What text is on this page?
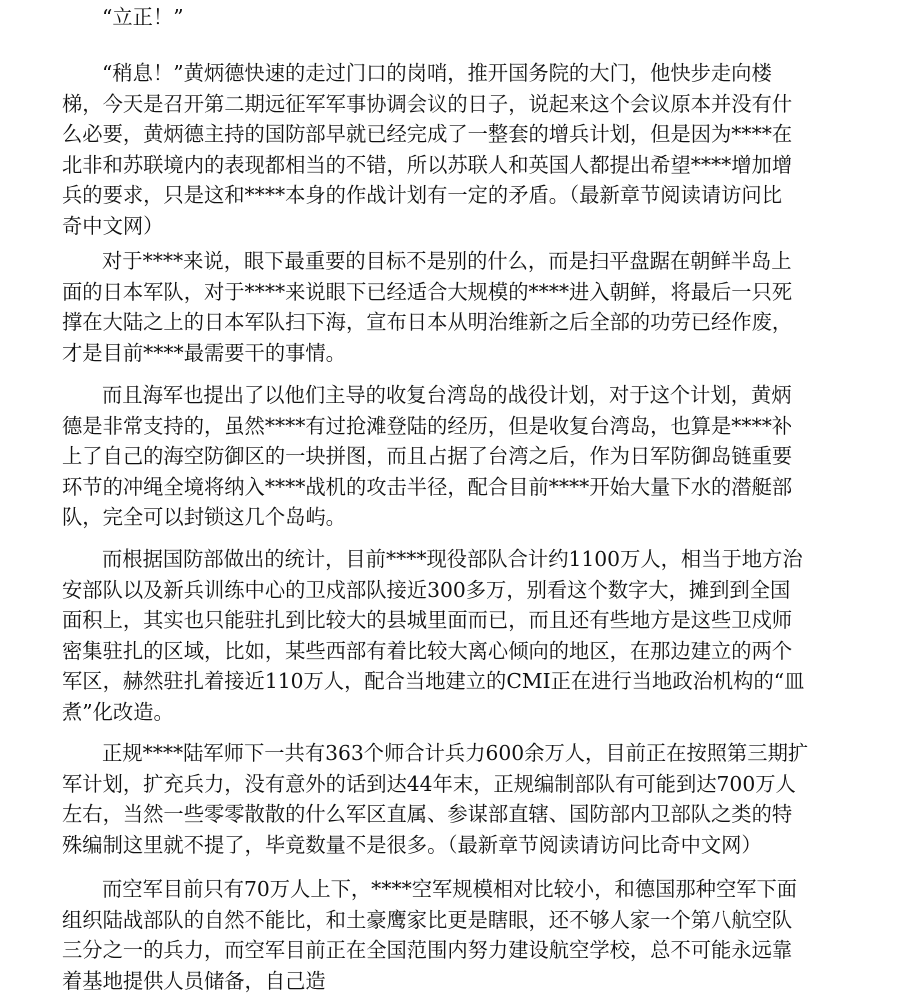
“立正！”
“稍息！”黄炳德快速的走过门口的岗哨，推开国务院的大门，他快步走向楼
梯，今天是召开第二期远征军军事协调会议的日子，说起来这个会议原本并没有什
么必要，黄炳德主持的国防部早就已经完成了一整套的增兵计划，但是因为****在
北非和苏联境内的表现都相当的不错，所以苏联人和英国人都提出希望****增加增
兵的要求，只是这和****本身的作战计划有一定的矛盾。（最新章节阅读请访问比
奇中文网）
对于****来说，眼下最重要的目标不是别的什么，而是扫平盘踞在朝鲜半岛上
面的日本军队，对于****来说眼下已经适合大规模的****进入朝鲜，将最后一只死
撑在大陆之上的日本军队扫下海，宣布日本从明治维新之后全部的功劳已经作废，
才是目前****最需要干的事情。
而且海军也提出了以他们主导的收复台湾岛的战役计划，对于这个计划，黄炳
德是非常支持的，虽然****有过抢滩登陆的经历，但是收复台湾岛，也算是****补
上了自己的海空防御区的一块拼图，而且占据了台湾之后，作为日军防御岛链重要
环节的冲绳全境将纳入****战机的攻击半径，配合目前****开始大量下水的潜艇部
队，完全可以封锁这几个岛屿。
而根据国防部做出的统计，目前****现役部队合计约1100万人，相当于地方治
安部队以及新兵训练中心的卫戍部队接近300多万，别看这个数字大，摊到到全国
面积上，其实也只能驻扎到比较大的县城里面而已，而且还有些地方是这些卫戍师
密集驻扎的区域，比如，某些西部有着比较大离心倾向的地区，在那边建立的两个
军区，赫然驻扎着接近110万人，配合当地建立的CMI正在进行当地政治机构的“皿
煮”化改造。
正规****陆军师下一共有363个师合计兵力600余万人，目前正在按照第三期扩
军计划，扩充兵力，没有意外的话到达44年末，正规编制部队有可能到达700万人
左右，当然一些零零散散的什么军区直属、参谋部直辖、国防部内卫部队之类的特
殊编制这里就不提了，毕竟数量不是很多。（最新章节阅读请访问比奇中文网）
而空军目前只有70万人上下，****空军规模相对比较小，和德国那种空军下面
组织陆战部队的自然不能比，和土豪鹰家比更是瞎眼，还不够人家一个第八航空队
三分之一的兵力，而空军目前正在全国范围内努力建设航空学校，总不可能永远靠
着基地提供人员储备，自己造
